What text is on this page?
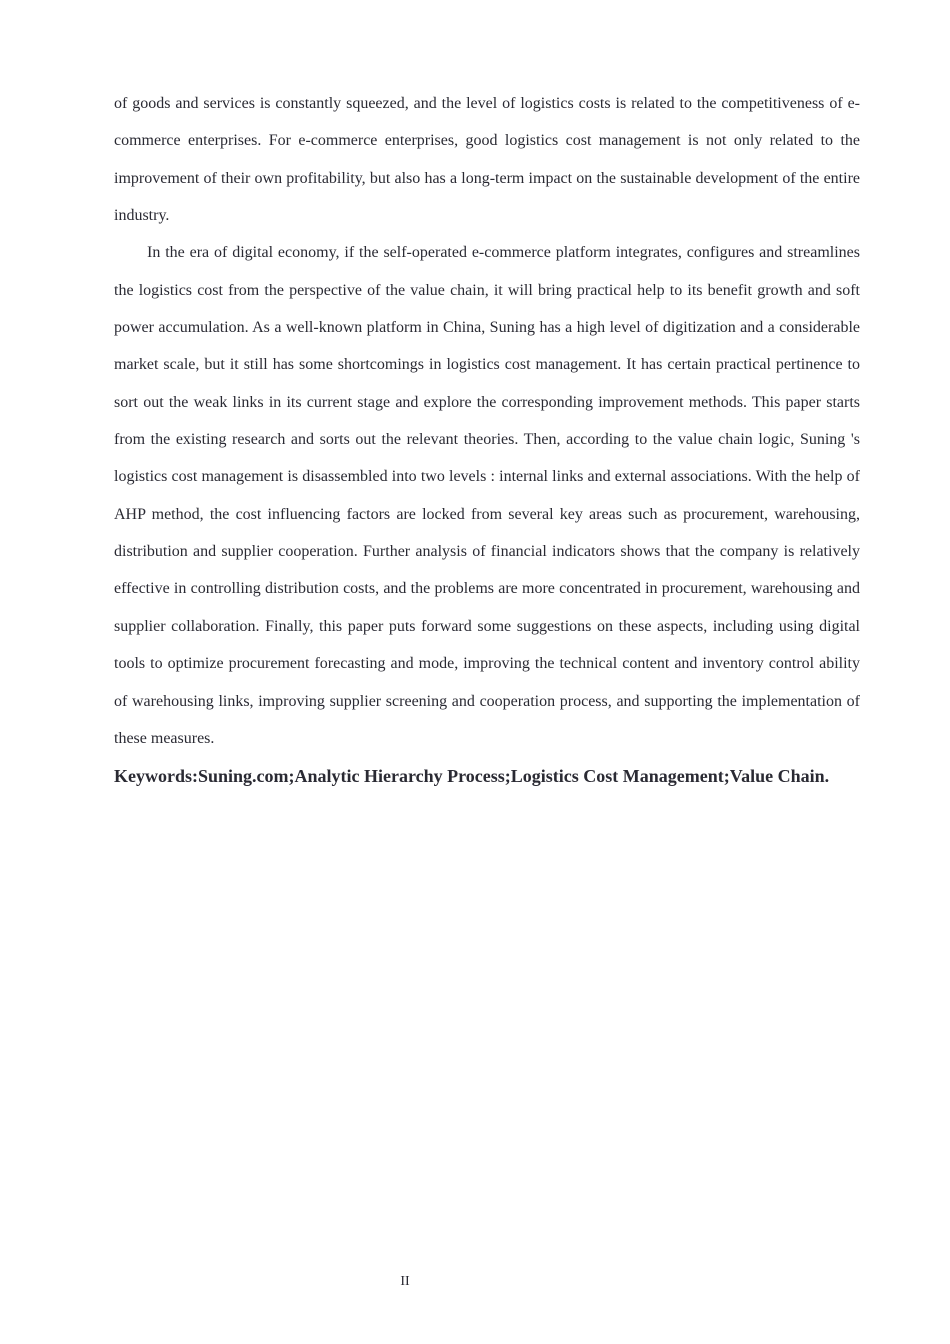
of goods and services is constantly squeezed, and the level of logistics costs is related to the competitiveness of e-commerce enterprises. For e-commerce enterprises, good logistics cost management is not only related to the improvement of their own profitability, but also has a long-term impact on the sustainable development of the entire industry.

In the era of digital economy, if the self-operated e-commerce platform integrates, configures and streamlines the logistics cost from the perspective of the value chain, it will bring practical help to its benefit growth and soft power accumulation. As a well-known platform in China, Suning has a high level of digitization and a considerable market scale, but it still has some shortcomings in logistics cost management. It has certain practical pertinence to sort out the weak links in its current stage and explore the corresponding improvement methods. This paper starts from the existing research and sorts out the relevant theories. Then, according to the value chain logic, Suning 's logistics cost management is disassembled into two levels : internal links and external associations. With the help of AHP method, the cost influencing factors are locked from several key areas such as procurement, warehousing, distribution and supplier cooperation. Further analysis of financial indicators shows that the company is relatively effective in controlling distribution costs, and the problems are more concentrated in procurement, warehousing and supplier collaboration. Finally, this paper puts forward some suggestions on these aspects, including using digital tools to optimize procurement forecasting and mode, improving the technical content and inventory control ability of warehousing links, improving supplier screening and cooperation process, and supporting the implementation of these measures.

Keywords:Suning.com;Analytic Hierarchy Process;Logistics Cost Management;Value Chain.

II
